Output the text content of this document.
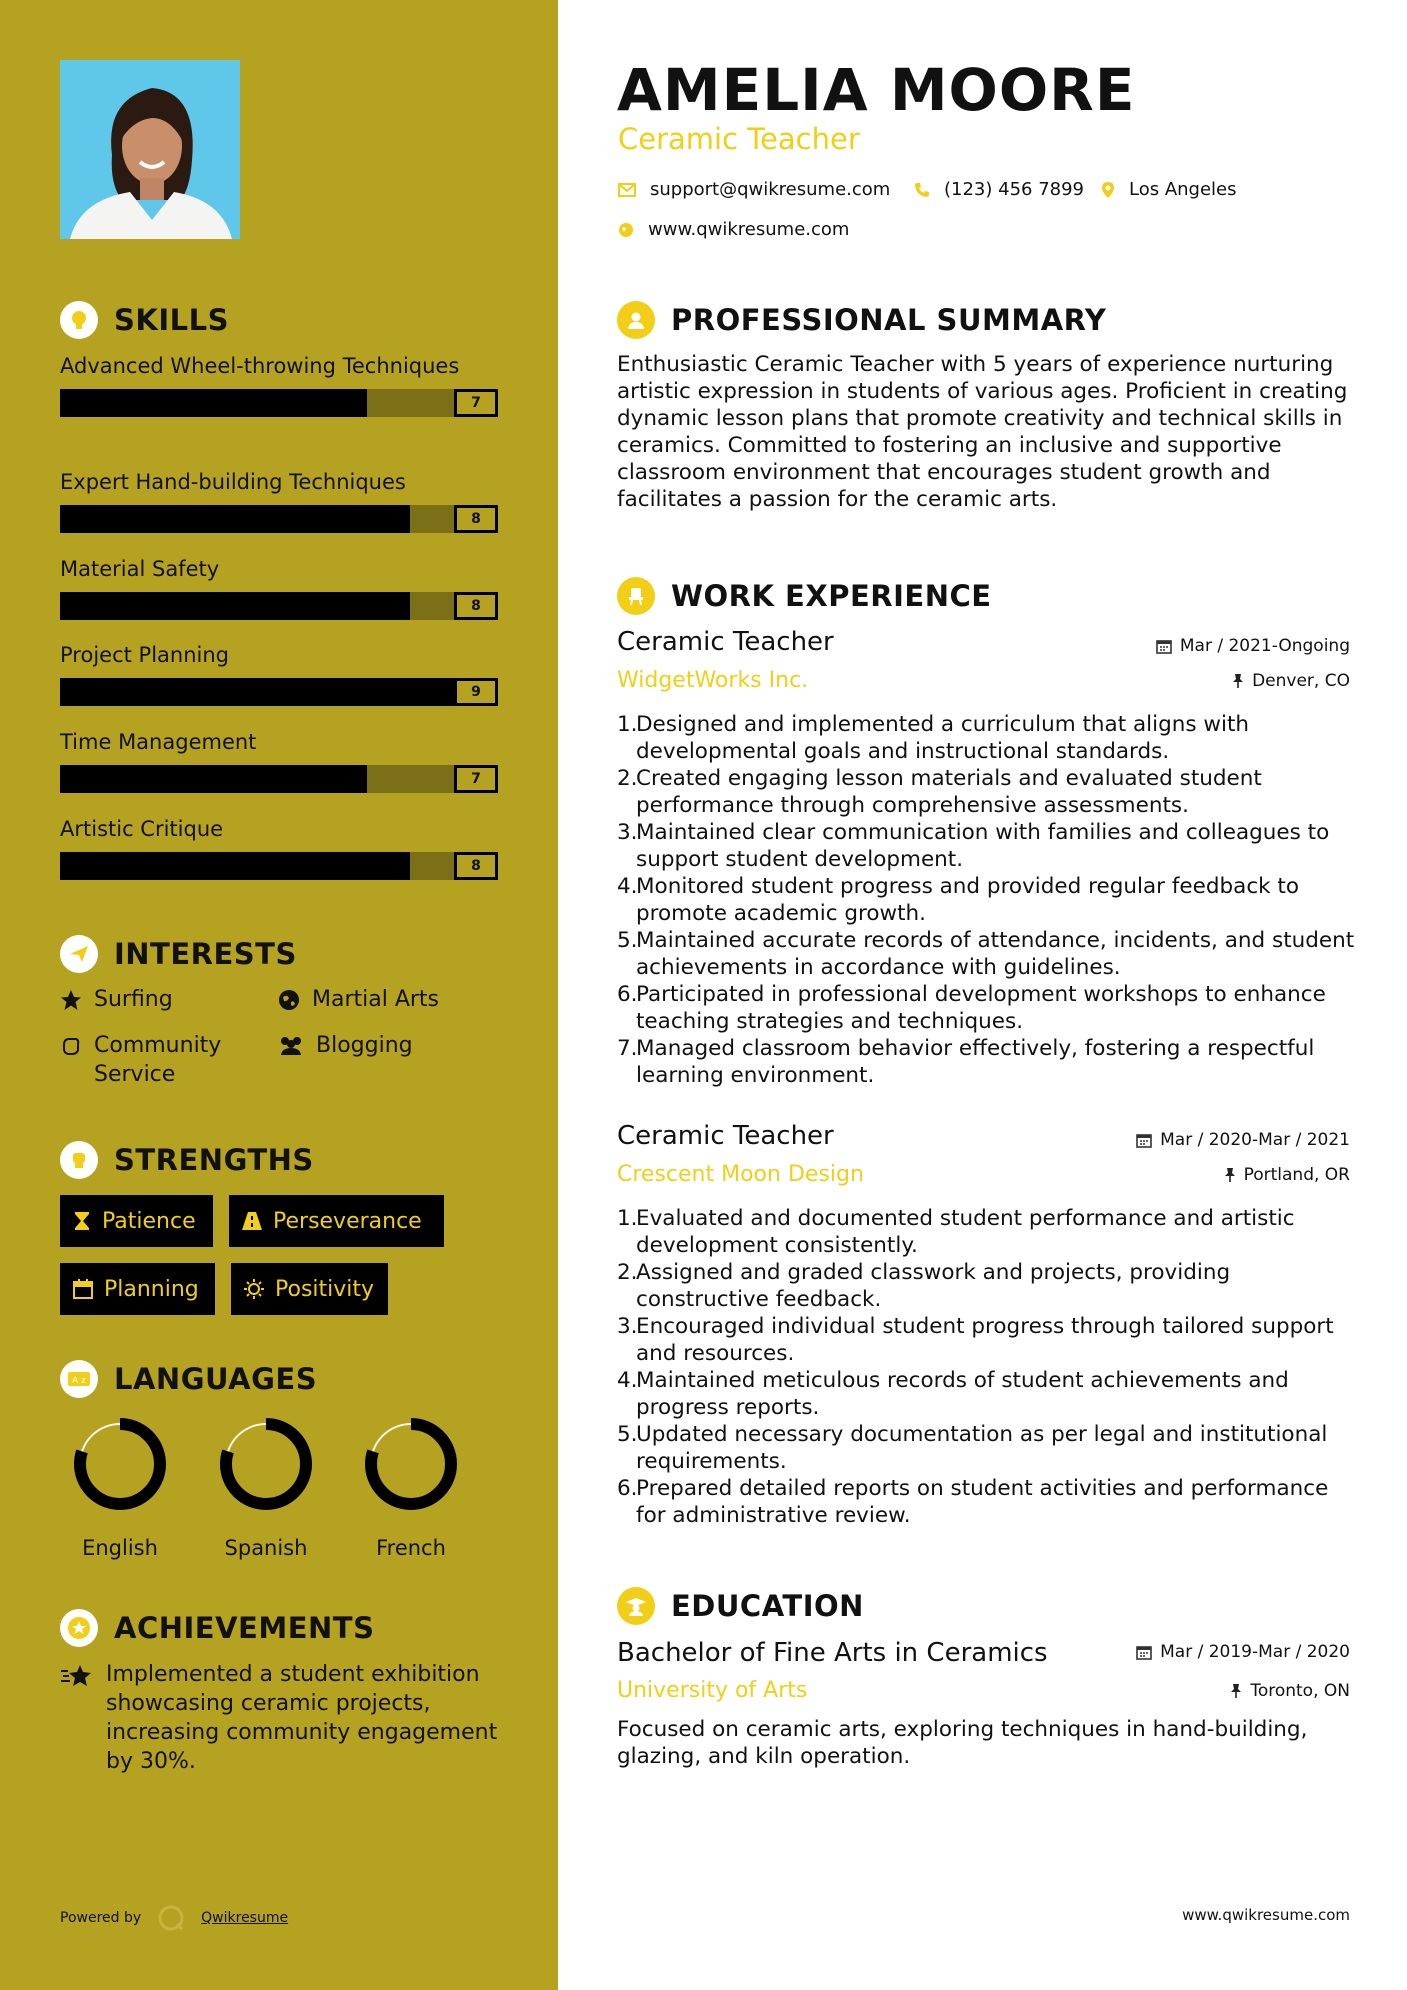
SKILLS
Advanced Wheel-throwing Techniques
7
Expert Hand-building Techniques
8
Material Safety
8
Project Planning
9
Time Management
7
Artistic Critique
8
INTERESTS
Surfing	Martial Arts
Community Service
Blogging
STRENGTHS
Patience	Perseverance
Planning	Positivity
A z LANGUAGES
English	Spanish	French
ACHIEVEMENTS
Implemented a student exhibition showcasing ceramic projects, increasing community engagement by 30%.
Powered by	Qwikresume
AMELIA MOORE
Ceramic Teacher
support@qwikresume.com	(123) 456 7899 Los Angeles
www.qwikresume.com
PROFESSIONAL SUMMARY
Enthusiastic Ceramic Teacher with 5 years of experience nurturing artistic expression in students of various ages. Proficient in creating dynamic lesson plans that promote creativity and technical skills in ceramics. Committed to fostering an inclusive and supportive classroom environment that encourages student growth and facilitates a passion for the ceramic arts.
WORK EXPERIENCE
Ceramic Teacher	Mar / 2021-Ongoing
WidgetWorks Inc.	Denver, CO
1.
Designed and implemented a curriculum that aligns with developmental goals and instructional standards.
2.
Created engaging lesson materials and evaluated student performance through comprehensive assessments.
3.
Maintained clear communication with families and colleagues to support student development.
4.
Monitored student progress and provided regular feedback to promote academic growth.
5.
Maintained accurate records of attendance, incidents, and student achievements in accordance with guidelines.
6.
Participated in professional development workshops to enhance teaching strategies and techniques.
7.
Managed classroom behavior effectively, fostering a respectful learning environment.
Ceramic Teacher	Mar / 2020-Mar / 2021
Crescent Moon Design	Portland, OR
1.
Evaluated and documented student performance and artistic development consistently.
2.
Assigned and graded classwork and projects, providing constructive feedback.
3.
Encouraged individual student progress through tailored support and resources.
4.
Maintained meticulous records of student achievements and progress reports.
5.
Updated necessary documentation as per legal and institutional requirements.
6.
Prepared detailed reports on student activities and performance for administrative review.
EDUCATION
Bachelor of Fine Arts in Ceramics	Mar / 2019-Mar / 2020
University of Arts	Toronto, ON
Focused on ceramic arts, exploring techniques in hand-building, glazing, and kiln operation.
www.qwikresume.com
